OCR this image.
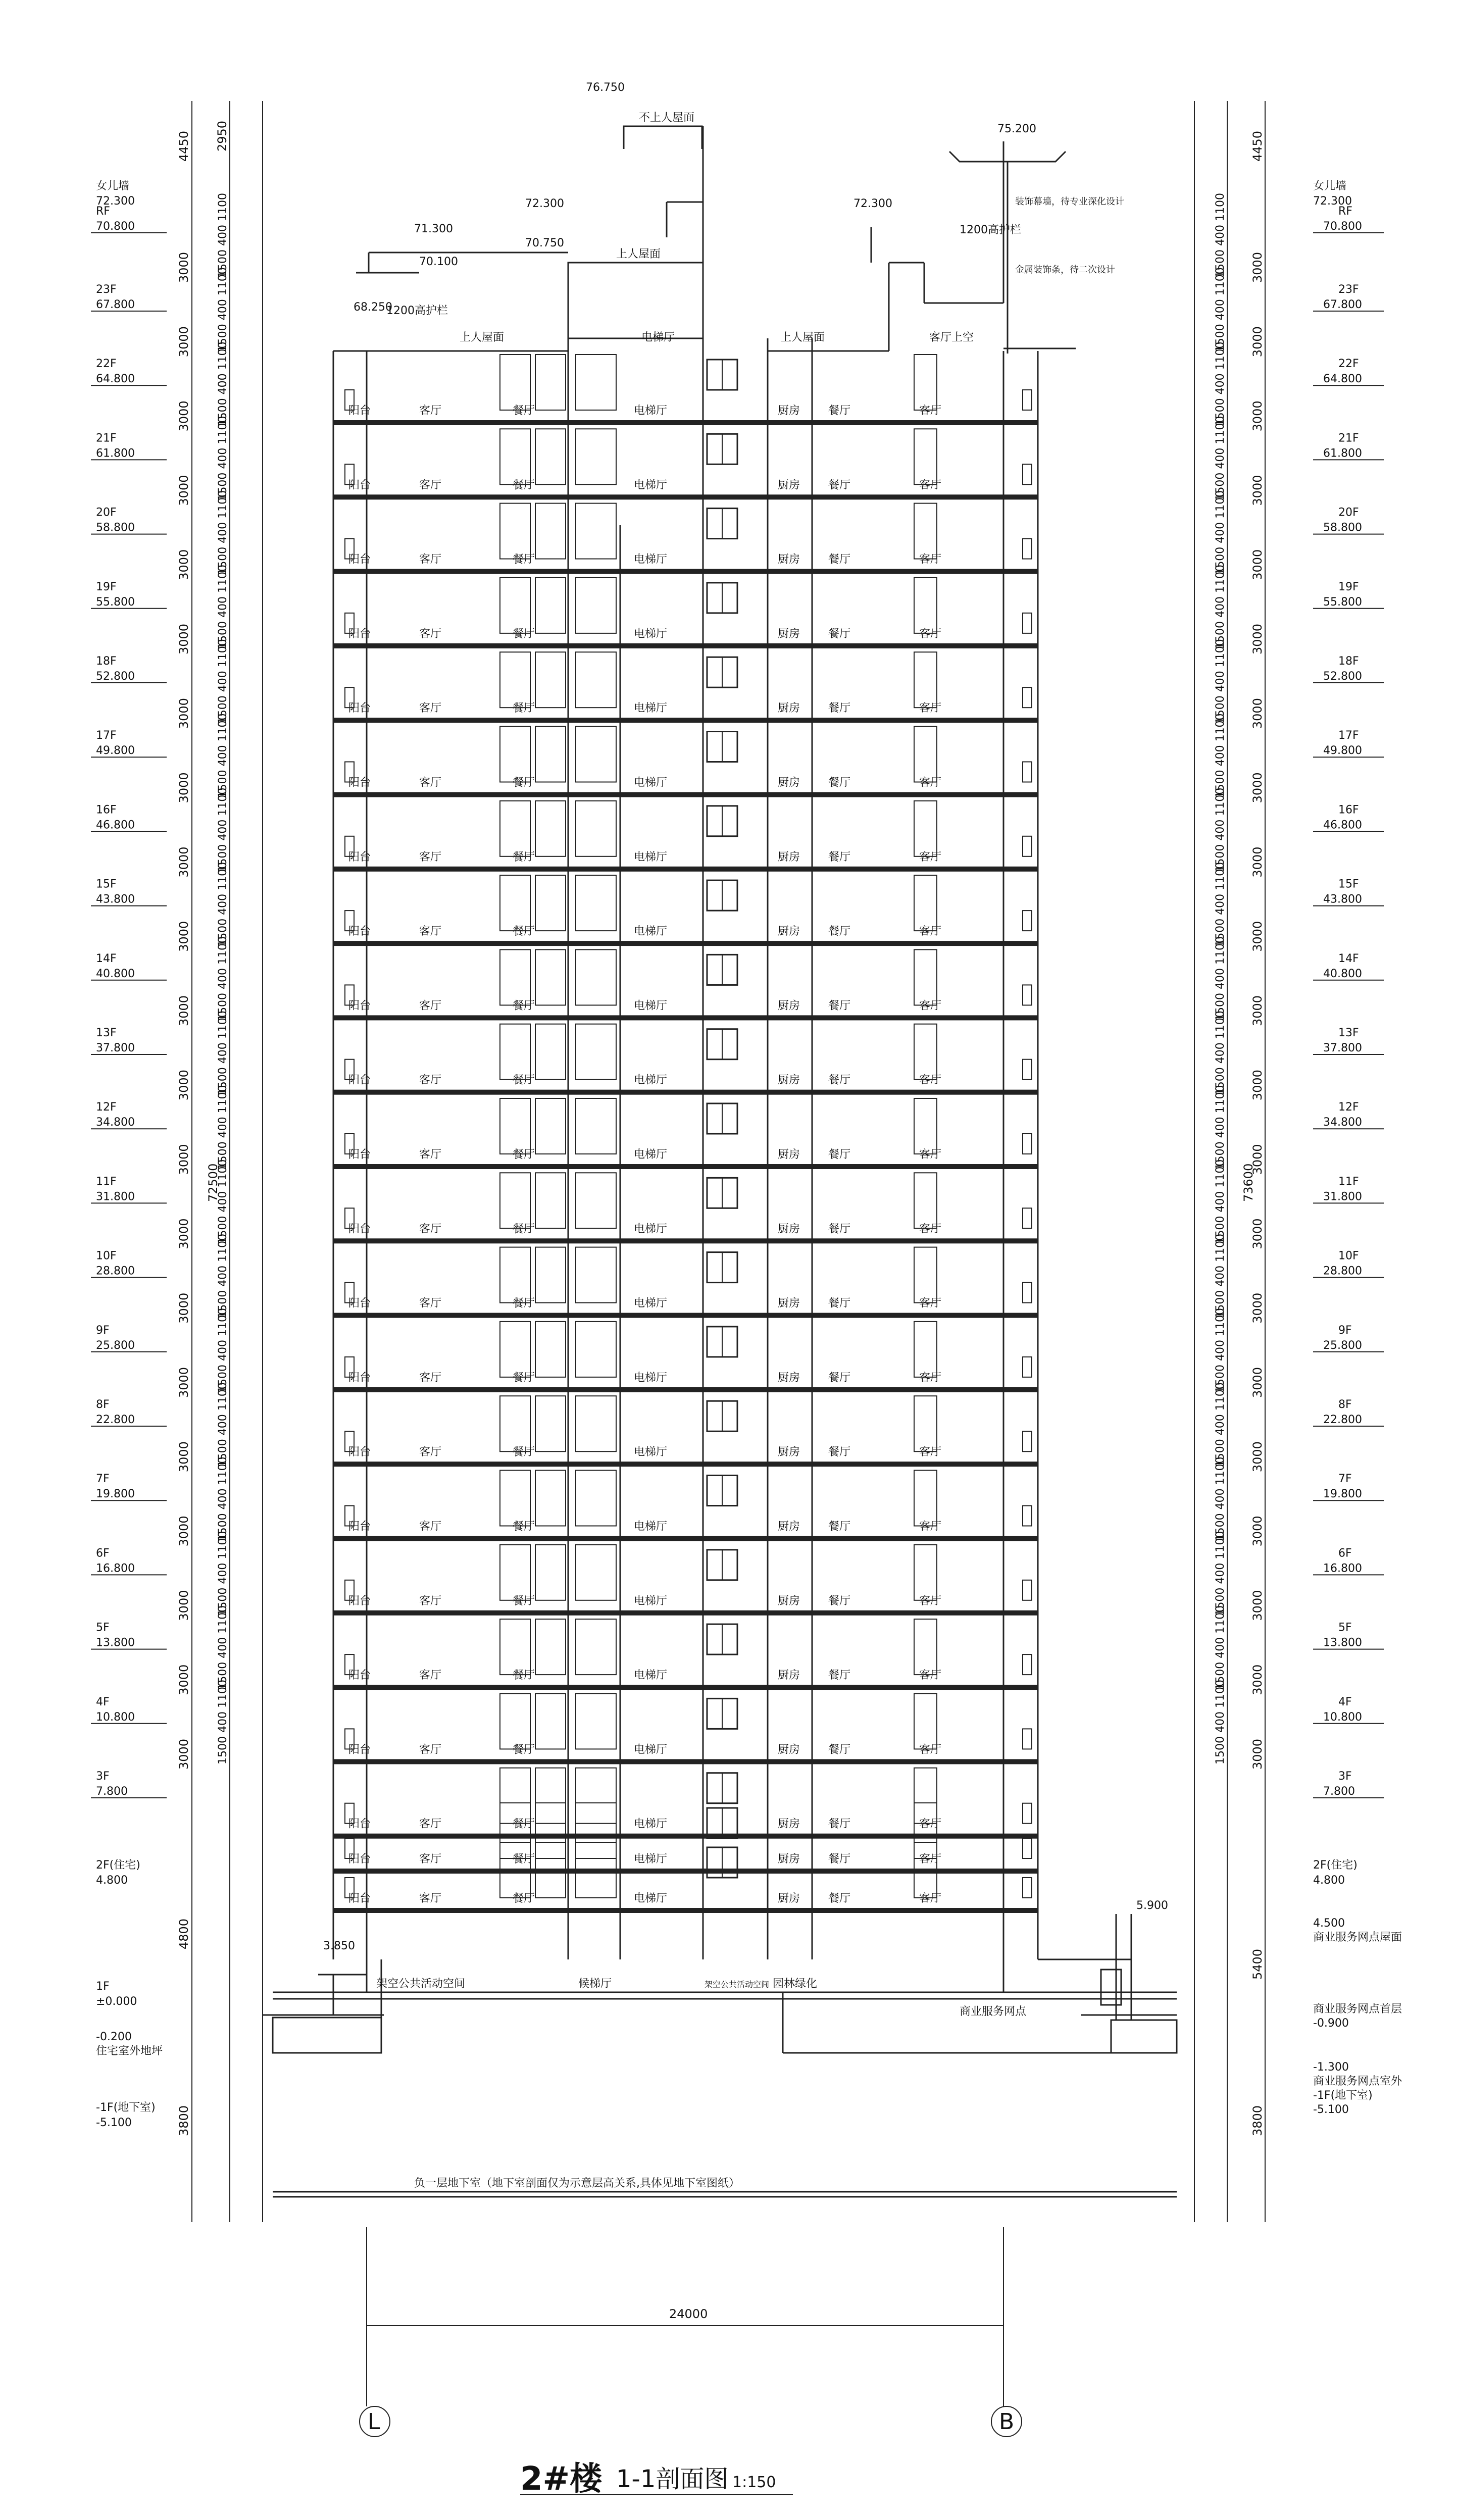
阳台	客厅	餐厅	电梯厅	厨房	餐厅	客厅
阳台	客厅	餐厅	电梯厅	厨房	餐厅	客厅
阳台	客厅	餐厅	电梯厅	厨房	餐厅	客厅
阳台	客厅	餐厅	电梯厅	厨房	餐厅	客厅
阳台	客厅	餐厅	电梯厅	厨房	餐厅	客厅
阳台	客厅	餐厅	电梯厅	厨房	餐厅	客厅
阳台	客厅	餐厅	电梯厅	厨房	餐厅	客厅
阳台	客厅	餐厅	电梯厅	厨房	餐厅	客厅
阳台	客厅	餐厅	电梯厅	厨房	餐厅	客厅
阳台	客厅	餐厅	电梯厅	厨房	餐厅	客厅
阳台	客厅	餐厅	电梯厅	厨房	餐厅	客厅
阳台	客厅	餐厅	电梯厅	厨房	餐厅	客厅
阳台	客厅	餐厅	电梯厅	厨房	餐厅	客厅
阳台	客厅	餐厅	电梯厅	厨房	餐厅	客厅
阳台	客厅	餐厅	电梯厅	厨房	餐厅	客厅
阳台	客厅	餐厅	电梯厅	厨房	餐厅	客厅
阳台	客厅	餐厅	电梯厅	厨房	餐厅	客厅
阳台	客厅	餐厅	电梯厅	厨房	餐厅	客厅
阳台	客厅	餐厅	电梯厅	厨房	餐厅	客厅
阳台	客厅	餐厅	电梯厅	厨房	餐厅	客厅
阳台	客厅	餐厅	电梯厅	厨房	餐厅	客厅
阳台	客厅	餐厅	电梯厅	厨房	餐厅	客厅
RF
70.800
RF
70.800
23F
67.800
23F
67.800
3000	3000
1500 400 1100	1500 400 1100
22F
64.800
22F
64.800
3000	3000
1500 400 1100	1500 400 1100
21F
61.800
21F
61.800
3000	3000
1500 400 1100	1500 400 1100
20F
58.800
20F
58.800
3000	3000
1500 400 1100	1500 400 1100
19F
55.800
19F
55.800
3000	3000
1500 400 1100	1500 400 1100
18F
52.800
18F
52.800
3000	3000
1500 400 1100	1500 400 1100
17F
49.800
17F
49.800
3000	3000
1500 400 1100	1500 400 1100
16F
46.800
16F
46.800
3000	3000
1500 400 1100	1500 400 1100
15F
43.800
15F
43.800
3000	3000
1500 400 1100	1500 400 1100
14F
40.800
14F
40.800
3000	3000
1500 400 1100	1500 400 1100
13F
37.800
13F
37.800
3000	3000
1500 400 1100	1500 400 1100
12F
34.800
12F
34.800
3000	3000
1500 400 1100	1500 400 1100
11F
31.800
11F
31.800
3000	3000
1500 400 1100	1500 400 1100
10F
28.800
10F
28.800
3000	3000
1500 400 1100	1500 400 1100
9F
25.800
9F
25.800
3000	3000
1500 400 1100	1500 400 1100
8F
22.800
8F
22.800
3000	3000
1500 400 1100	1500 400 1100
7F
19.800
7F
19.800
3000	3000
1500 400 1100	1500 400 1100
6F
16.800
6F
16.800
3000	3000
1500 400 1100	1500 400 1100
5F
13.800
5F
13.800
3000	3000
1500 400 1100	1500 400 1100
4F
10.800
4F
10.800
3000	3000
1500 400 1100	1500 400 1100
3F
7.800
3F
7.800
3000	3000
1500 400 1100	1500 400 1100
76.750
不上人屋面
75.200
72.300	72.300
71.300
70.750
70.100
68.250
上人屋面
上人屋面	上人屋面
1200高护栏
1200高护栏
装饰幕墙，待专业深化设计
金属装饰条，待二次设计
电梯厅	客厅上空
3.850
5.900
架空公共活动空间	候梯厅	架空公共活动空间 园林绿化
商业服务网点
负一层地下室（地下室剖面仅为示意层高关系,具体见地下室图纸）
女儿墙
72.300
2F(住宅)
4.800
1F
±0.000
-0.200
住宅室外地坪
-1F(地下室)
-5.100
72500
4450 2950
4800
3800
女儿墙
72.300
2F(住宅)
4.800
4.500
商业服务网点屋面
商业服务网点首层
-0.900
-1.300
商业服务网点室外
-1F(地下室)
-5.100
73600
4450
5400
3800
24000
L	B
2#楼 1-1剖面图 1:150
